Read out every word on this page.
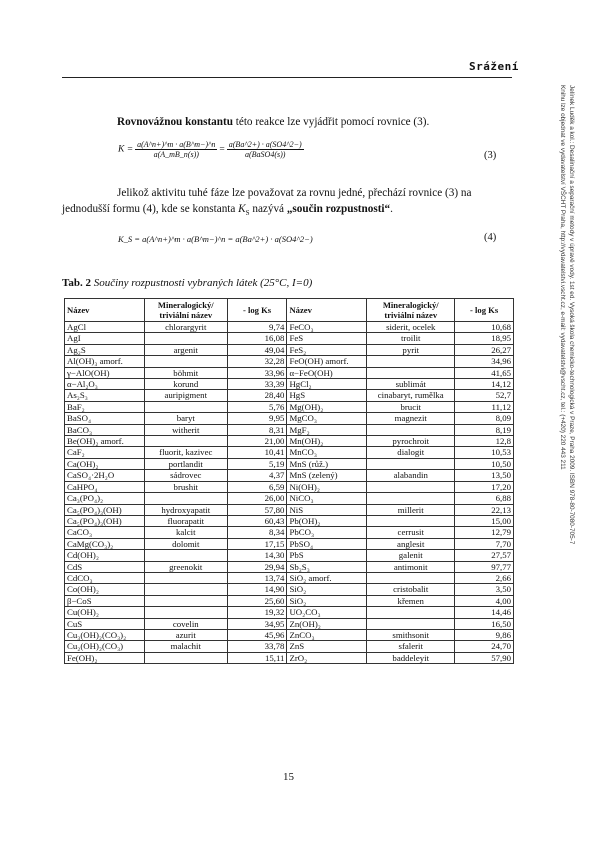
Srážení
Rovnovážnou konstantu této reakce lze vyjádřit pomocí rovnice (3).
$K = \frac{a(A\^{}n+)\^{}m \cdot a(B\^{}m-)\^{}n}{a(A\_mB\_n(s))} = \frac{a(Ba\^{}2+) \cdot a(SO4\^{}2-)}{\text{a(BaSO4(s))}}$	(3)
Jelikož aktivitu tuhé fáze lze považovat za rovnu jedné, přechází rovnice (3) na jednodušší formu (4), kde se konstanta $K_S$ nazývá „součin rozpustnosti“.
K_S = a(A^n+)^m · a(B^m−)^n = a(Ba^2+) · a(SO4^2−)	(4)
Tab. 2 Součiny rozpustnosti vybraných látek (25°C, I=0)
Název	Mineralogický/ triviální název	- log Ks	Název	Mineralogický/ triviální název	- log Ks
AgCl	chlorargyrit	9,74	FeCO₃	siderit, ocelek	10,68
AgI		16,08	FeS	troilit	18,95
Ag₂S	argenit	49,04	FeS₂	pyrit	26,27
Al(OH)₃ amorf.		32,28	FeO(OH) amorf.		34,96
γ−AlO(OH)	böhmit	33,96	α−FeO(OH)		41,65
α−Al₂O₃	korund	33,39	HgCl₂	sublimát	14,12
As₂S₃	auripigment	28,40	HgS	cinabaryt, rumělka	52,7
BaF₂		5,76	Mg(OH)₂	brucit	11,12
BaSO₄	baryt	9,95	MgCO₃	magnezit	8,09
BaCO₃	witherit	8,31	MgF₂		8,19
Be(OH)₂ amorf.		21,00	Mn(OH)₂	pyrochroit	12,8
CaF₂	fluorit, kazivec	10,41	MnCO₃	dialogit	10,53
Ca(OH)₂	portlandit	5,19	MnS (růž.)		10,50
CaSO₄·2H₂O	sádrovec	4,37	MnS (zelený)	alabandin	13,50
CaHPO₄	brushit	6,59	Ni(OH)₂		17,20
Ca₃(PO₄)₂		26,00	NiCO₃		6,88
Ca₅(PO₄)₃(OH)	hydroxyapatit	57,80	NiS	millerit	22,13
Ca₅(PO₄)₃(OH)	fluorapatit	60,43	Pb(OH)₂		15,00
CaCO₃	kalcit	8,34	PbCO₃	cerrusit	12,79
CaMg(CO₃)₂	dolomit	17,15	PbSO₄	anglesit	7,70
Cd(OH)₂		14,30	PbS	galenit	27,57
CdS	greenokit	29,94	Sb₂S₃	antimonit	97,77
CdCO₃		13,74	SiO₂ amorf.		2,66
Co(OH)₂		14,90	SiO₂	cristobalit	3,50
β−CoS		25,60	SiO₂	křemen	4,00
Cu(OH)₂		19,32	UO₂CO₃		14,46
CuS	covelin	34,95	Zn(OH)₂		16,50
Cu₃(OH)₂(CO₃)₂	azurit	45,96	ZnCO₃	smithsonit	9,86
Cu₂(OH)₂(CO₃)	malachit	33,78	ZnS	sfalerit	24,70
Fe(OH)₂		15,11	ZrO₂	baddeleyit	57,90
15
Jelínek Luděk a kol.: Desalinační a separační metody v úpravě vody. 1st ed. Vysoká škola chemicko-technologická v Praze, Praha 2009. ISBN 978-80-7080-705-7
Knihu lze objednat ve vydavatelství VŠCHT Praha, http://vydavatelstvi.vscht.cz, e-mail: vydavatelstvi@vscht.cz, tel.: (+420) 220 443 211
